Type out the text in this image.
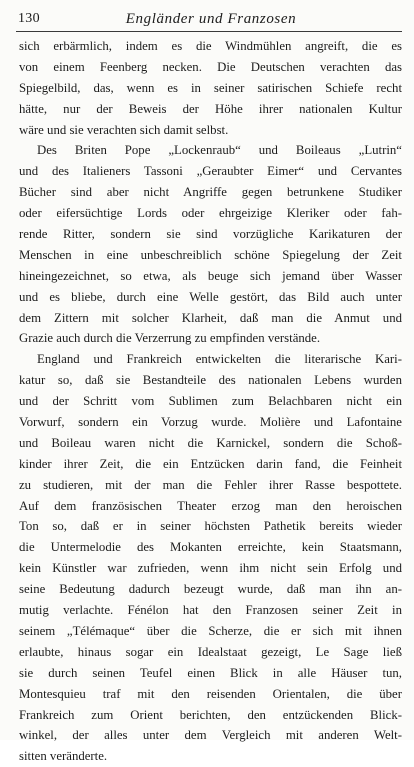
130	Engländer und Franzosen
sich erbärmlich, indem es die Windmühlen angreift, die es
von einem Feenberg necken. Die Deutschen verachten das
Spiegelbild, das, wenn es in seiner satirischen Schiefe recht
hätte, nur der Beweis der Höhe ihrer nationalen Kultur
wäre und sie verachten sich damit selbst.
Des Briten Pope „Lockenraub“ und Boileaus „Lutrin“
und des Italieners Tassoni „Geraubter Eimer“ und Cervantes
Bücher sind aber nicht Angriffe gegen betrunkene Studiker
oder eifersüchtige Lords oder ehrgeizige Kleriker oder fah-
rende Ritter, sondern sie sind vorzügliche Karikaturen der
Menschen in eine unbeschreiblich schöne Spiegelung der Zeit
hineingezeichnet, so etwa, als beuge sich jemand über Wasser
und es bliebe, durch eine Welle gestört, das Bild auch unter
dem Zittern mit solcher Klarheit, daß man die Anmut und
Grazie auch durch die Verzerrung zu empfinden verstände.
England und Frankreich entwickelten die literarische Kari-
katur so, daß sie Bestandteile des nationalen Lebens wurden
und der Schritt vom Sublimen zum Belachbaren nicht ein
Vorwurf, sondern ein Vorzug wurde. Molière und Lafontaine
und Boileau waren nicht die Karnickel, sondern die Schoß-
kinder ihrer Zeit, die ein Entzücken darin fand, die Feinheit
zu studieren, mit der man die Fehler ihrer Rasse bespottete.
Auf dem französischen Theater erzog man den heroischen
Ton so, daß er in seiner höchsten Pathetik bereits wieder
die Untermelodie des Mokanten erreichte, kein Staatsmann,
kein Künstler war zufrieden, wenn ihm nicht sein Erfolg und
seine Bedeutung dadurch bezeugt wurde, daß man ihn an-
mutig verlachte. Fénélon hat den Franzosen seiner Zeit in
seinem „Télémaque“ über die Scherze, die er sich mit ihnen
erlaubte, hinaus sogar ein Idealstaat gezeigt, Le Sage ließ
sie durch seinen Teufel einen Blick in alle Häuser tun,
Montesquieu traf mit den reisenden Orientalen, die über
Frankreich zum Orient berichten, den entzückenden Blick-
winkel, der alles unter dem Vergleich mit anderen Welt-
sitten veränderte.
